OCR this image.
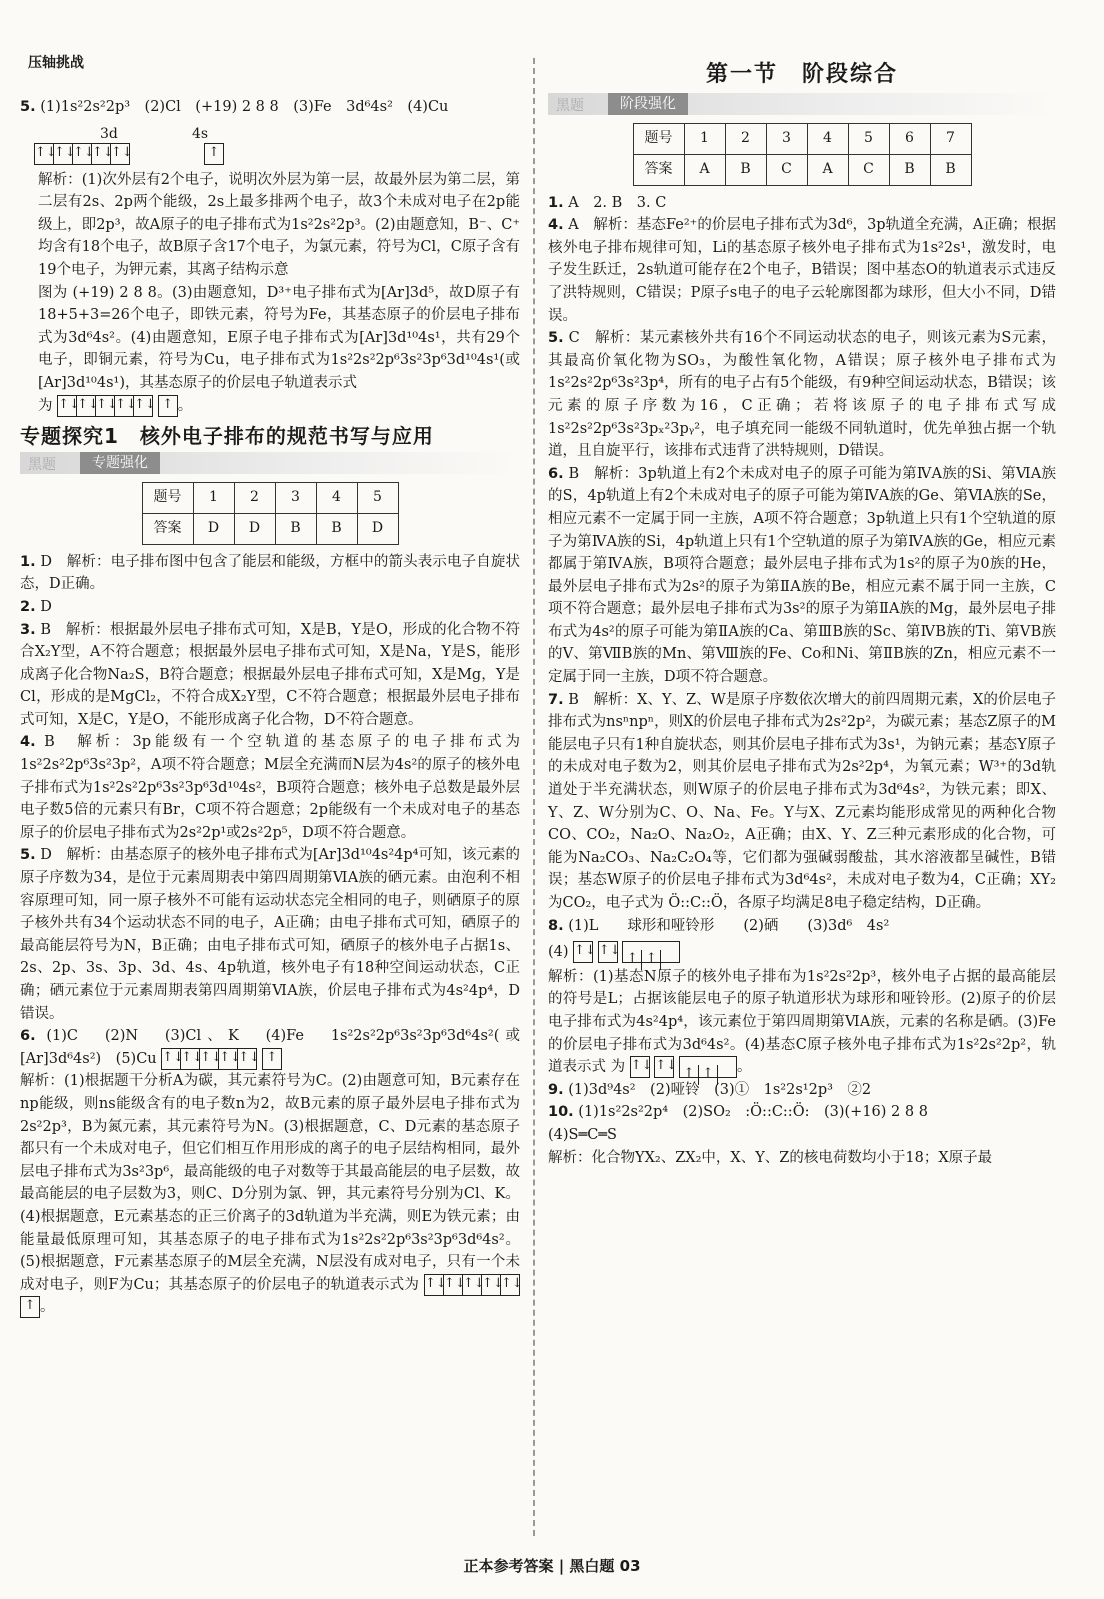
压轴挑战

5. (1)1s²2s²2p³　(2)Cl　(+19) 2 8 8　(3)Fe　3d⁶4s²　(4)Cu

3d	4s
↑↓↑↓↑↓↑↓↑↓	↑

解析：(1)次外层有2个电子，说明次外层为第一层，故最外层为第二层，第二层有2s、2p两个能级，2s上最多排两个电子，故3个未成对电子在2p能级上，即2p³，故A原子的电子排布式为1s²2s²2p³。(2)由题意知，B⁻、C⁺均含有18个电子，故B原子含17个电子，为氯元素，符号为Cl，C原子含有19个电子，为钾元素，其离子结构示意

图为 (+19) 2 8 8。(3)由题意知，D³⁺电子排布式为[Ar]3d⁵，故D原子有18+5+3=26个电子，即铁元素，符号为Fe，其基态原子的价层电子排布式为3d⁶4s²。(4)由题意知，E原子电子排布式为[Ar]3d¹⁰4s¹，共有29个电子，即铜元素，符号为Cu，电子排布式为1s²2s²2p⁶3s²3p⁶3d¹⁰4s¹(或[Ar]3d¹⁰4s¹)，其基态原子的价层电子轨道表示式

为 ↑↓↑↓↑↓↑↓↑↓ ↑ 。

专题探究1　核外电子排布的规范书写与应用
黑题	专题强化
题号	1	2	3	4	5
答案	D	D	B	B	D

1. D　解析：电子排布图中包含了能层和能级，方框中的箭头表示电子自旋状态，D正确。

2. D

3. B　解析：根据最外层电子排布式可知，X是B，Y是O，形成的化合物不符合X₂Y型，A不符合题意；根据最外层电子排布式可知，X是Na，Y是S，能形成离子化合物Na₂S，B符合题意；根据最外层电子排布式可知，X是Mg，Y是Cl，形成的是MgCl₂，不符合成X₂Y型，C不符合题意；根据最外层电子排布式可知，X是C，Y是O，不能形成离子化合物，D不符合题意。

4. B　解析：3p能级有一个空轨道的基态原子的电子排布式为1s²2s²2p⁶3s²3p²，A项不符合题意；M层全充满而N层为4s²的原子的核外电子排布式为1s²2s²2p⁶3s²3p⁶3d¹⁰4s²，B项符合题意；核外电子总数是最外层电子数5倍的元素只有Br，C项不符合题意；2p能级有一个未成对电子的基态原子的价层电子排布式为2s²2p¹或2s²2p⁵，D项不符合题意。

5. D　解析：由基态原子的核外电子排布式为[Ar]3d¹⁰4s²4p⁴可知，该元素的原子序数为34，是位于元素周期表中第四周期第ⅥA族的硒元素。由泡利不相容原理可知，同一原子核外不可能有运动状态完全相同的电子，则硒原子的原子核外共有34个运动状态不同的电子，A正确；由电子排布式可知，硒原子的最高能层符号为N，B正确；由电子排布式可知，硒原子的核外电子占据1s、2s、2p、3s、3p、3d、4s、4p轨道，核外电子有18种空间运动状态，C正确；硒元素位于元素周期表第四周期第ⅥA族，价层电子排布式为4s²4p⁴，D错误。

6. (1)C　(2)N　(3)Cl、K　(4)Fe　1s²2s²2p⁶3s²3p⁶3d⁶4s²(或[Ar]3d⁶4s²)　(5)Cu ↑↓↑↓↑↓↑↓↑↓ ↑

解析：(1)根据题干分析A为碳，其元素符号为C。(2)由题意可知，B元素存在np能级，则ns能级含有的电子数n为2，故B元素的原子最外层电子排布式为2s²2p³，B为氮元素，其元素符号为N。(3)根据题意，C、D元素的基态原子都只有一个未成对电子，但它们相互作用形成的离子的电子层结构相同，最外层电子排布式为3s²3p⁶，最高能级的电子对数等于其最高能层的电子层数，故最高能层的电子层数为3，则C、D分别为氯、钾，其元素符号分别为Cl、K。(4)根据题意，E元素基态的正三价离子的3d轨道为半充满，则E为铁元素；由能量最低原理可知，其基态原子的电子排布式为1s²2s²2p⁶3s²3p⁶3d⁶4s²。(5)根据题意，F元素基态原子的M层全充满，N层没有成对电子，只有一个未成对电子，则F为Cu；其基态原子的价层电子的轨道表示式为 ↑↓↑↓↑↓↑↓↑↓ ↑ 。

第一节　阶段综合
黑题	阶段强化
题号	1	2	3	4	5	6	7
答案	A	B	C	A	C	B	B

1. A　2. B　3. C

4. A　解析：基态Fe²⁺的价层电子排布式为3d⁶，3p轨道全充满，A正确；根据核外电子排布规律可知，Li的基态原子核外电子排布式为1s²2s¹，激发时，电子发生跃迁，2s轨道可能存在2个电子，B错误；图中基态O的轨道表示式违反了洪特规则，C错误；P原子s电子的电子云轮廓图都为球形，但大小不同，D错误。

5. C　解析：某元素核外共有16个不同运动状态的电子，则该元素为S元素，其最高价氧化物为SO₃，为酸性氧化物，A错误；原子核外电子排布式为1s²2s²2p⁶3s²3p⁴，所有的电子占有5个能级，有9种空间运动状态，B错误；该元素的原子序数为16，C正确；若将该原子的电子排布式写成1s²2s²2p⁶3s²3pₓ²3pᵧ²，电子填充同一能级不同轨道时，优先单独占据一个轨道，且自旋平行，该排布式违背了洪特规则，D错误。

6. B　解析：3p轨道上有2个未成对电子的原子可能为第ⅣA族的Si、第ⅥA族的S，4p轨道上有2个未成对电子的原子可能为第ⅣA族的Ge、第ⅥA族的Se，相应元素不一定属于同一主族，A项不符合题意；3p轨道上只有1个空轨道的原子为第ⅣA族的Si，4p轨道上只有1个空轨道的原子为第ⅣA族的Ge，相应元素都属于第ⅣA族，B项符合题意；最外层电子排布式为1s²的原子为0族的He，最外层电子排布式为2s²的原子为第ⅡA族的Be，相应元素不属于同一主族，C项不符合题意；最外层电子排布式为3s²的原子为第ⅡA族的Mg，最外层电子排布式为4s²的原子可能为第ⅡA族的Ca、第ⅢB族的Sc、第ⅣB族的Ti、第ⅤB族的V、第ⅦB族的Mn、第Ⅷ族的Fe、Co和Ni、第ⅡB族的Zn，相应元素不一定属于同一主族，D项不符合题意。

7. B　解析：X、Y、Z、W是原子序数依次增大的前四周期元素，X的价层电子排布式为nsⁿnpⁿ，则X的价层电子排布式为2s²2p²，为碳元素；基态Z原子的M能层电子只有1种自旋状态，则其价层电子排布式为3s¹，为钠元素；基态Y原子的未成对电子数为2，则其价层电子排布式为2s²2p⁴，为氧元素；W³⁺的3d轨道处于半充满状态，则W原子的价层电子排布式为3d⁶4s²，为铁元素；即X、Y、Z、W分别为C、O、Na、Fe。Y与X、Z元素均能形成常见的两种化合物CO、CO₂，Na₂O、Na₂O₂，A正确；由X、Y、Z三种元素形成的化合物，可能为Na₂CO₃、Na₂C₂O₄等，它们都为强碱弱酸盐，其水溶液都呈碱性，B错误；基态W原子的价层电子排布式为3d⁶4s²，未成对电子数为4，C正确；XY₂为CO₂，电子式为 Ö::C::Ö，各原子均满足8电子稳定结构，D正确。

8. (1)L　　球形和哑铃形　　(2)硒　　(3)3d⁶　4s²

(4) ↑↓ ↑↓ ↑ ↑

解析：(1)基态N原子的核外电子排布为1s²2s²2p³，核外电子占据的最高能层的符号是L；占据该能层电子的原子轨道形状为球形和哑铃形。(2)原子的价层电子排布式为4s²4p⁴，该元素位于第四周期第ⅥA族，元素的名称是硒。(3)Fe的价层电子排布式为3d⁶4s²。(4)基态C原子核外电子排布式为1s²2s²2p²，轨道表示式 为 ↑↓ ↑↓ ↑ ↑ 。

9. (1)3d⁹4s²　(2)哑铃　(3)①　1s²2s¹2p³　②2

10. (1)1s²2s²2p⁴　(2)SO₂　:Ö::C::Ö:　(3)(+16) 2 8 8

(4)S═C═S

解析：化合物YX₂、ZX₂中，X、Y、Z的核电荷数均小于18；X原子最

正本参考答案 | 黑白题 03
